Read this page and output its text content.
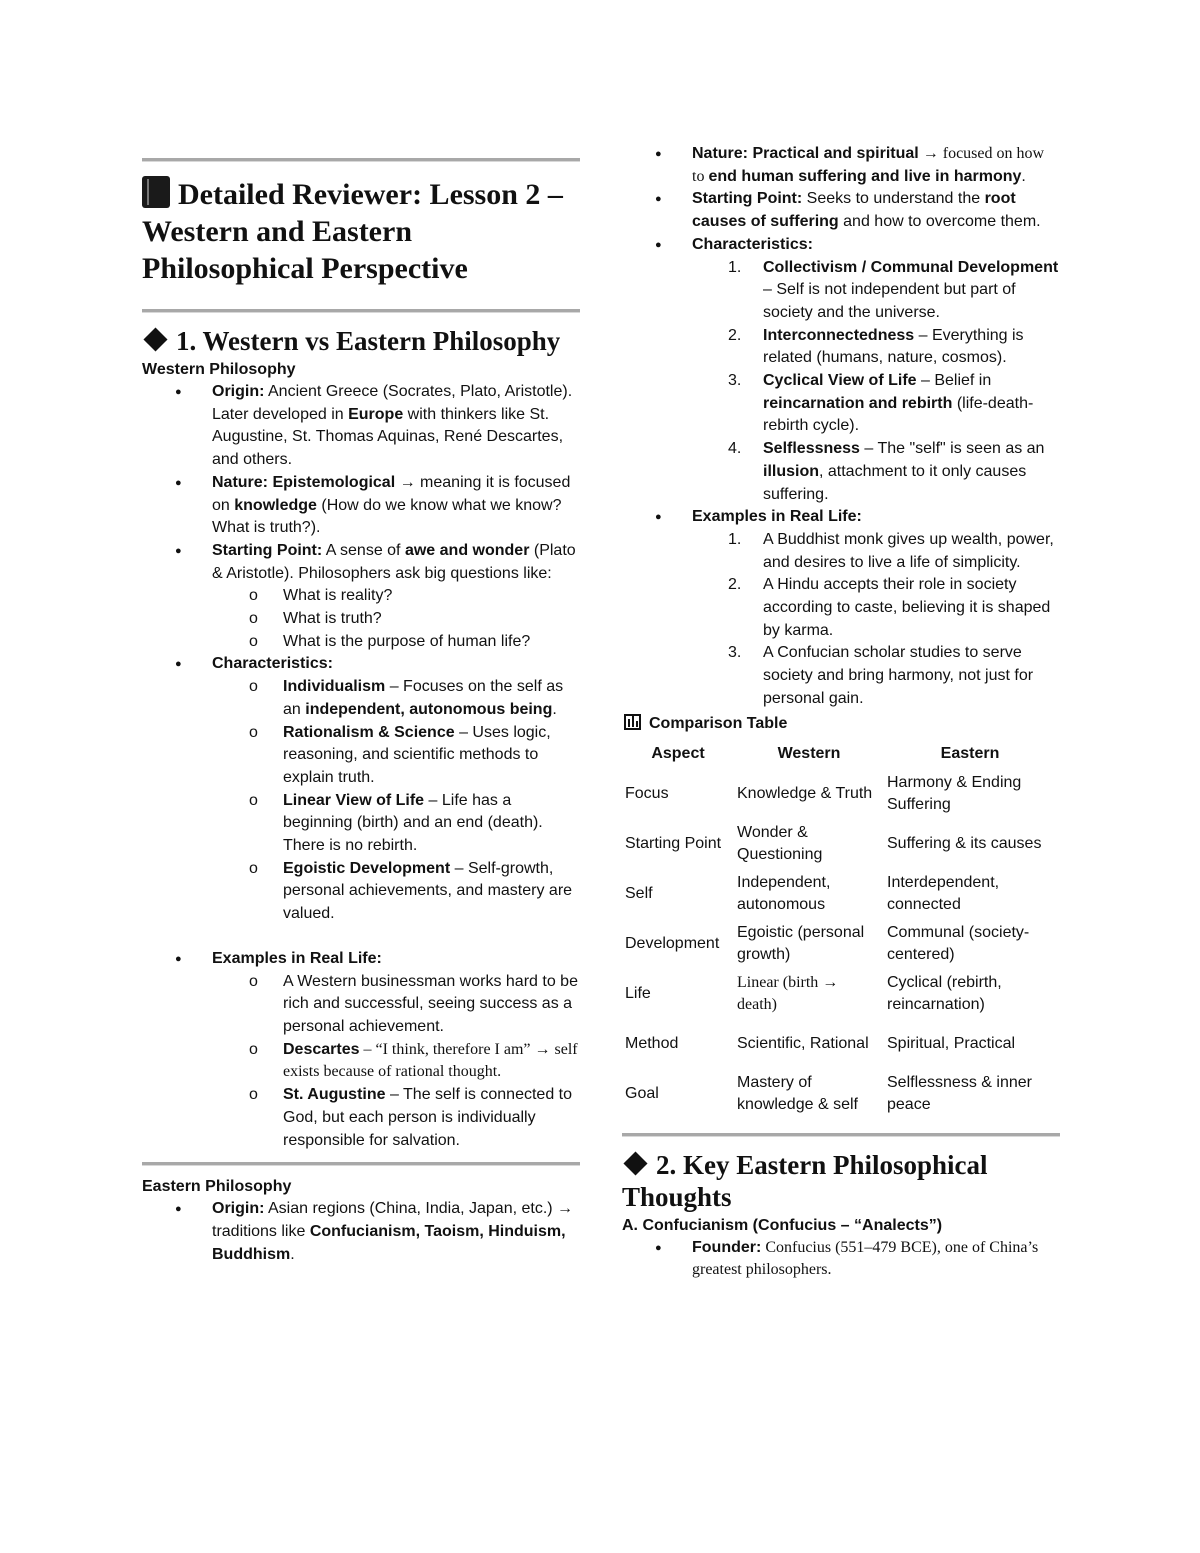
Detailed Reviewer: Lesson 2 – Western and Eastern Philosophical Perspective
1. Western vs Eastern Philosophy

Western Philosophy

● Origin: Ancient Greece (Socrates, Plato, Aristotle). Later developed in Europe with thinkers like St. Augustine, St. Thomas Aquinas, René Descartes, and others.
● Nature: Epistemological → meaning it is focused on knowledge (How do we know what we know? What is truth?).
● Starting Point: A sense of awe and wonder (Plato & Aristotle). Philosophers ask big questions like:
o What is reality?
o What is truth?
o What is the purpose of human life?
● Characteristics:
o Individualism – Focuses on the self as an independent, autonomous being.
o Rationalism & Science – Uses logic, reasoning, and scientific methods to explain truth.
o Linear View of Life – Life has a beginning (birth) and an end (death). There is no rebirth.
o Egoistic Development – Self-growth, personal achievements, and mastery are valued.
● Examples in Real Life:
o A Western businessman works hard to be rich and successful, seeing success as a personal achievement.
o Descartes – “I think, therefore I am” → self exists because of rational thought.
o St. Augustine – The self is connected to God, but each person is individually responsible for salvation.

Eastern Philosophy

● Origin: Asian regions (China, India, Japan, etc.) → traditions like Confucianism, Taoism, Hinduism, Buddhism.
● Nature: Practical and spiritual → focused on how to end human suffering and live in harmony.
● Starting Point: Seeks to understand the root causes of suffering and how to overcome them.
● Characteristics:
1. Collectivism / Communal Development – Self is not independent but part of society and the universe.
2. Interconnectedness – Everything is related (humans, nature, cosmos).
3. Cyclical View of Life – Belief in reincarnation and rebirth (life-death-rebirth cycle).
4. Selflessness – The "self" is seen as an illusion, attachment to it only causes suffering.
● Examples in Real Life:
1. A Buddhist monk gives up wealth, power, and desires to live a life of simplicity.
2. A Hindu accepts their role in society according to caste, believing it is shaped by karma.
3. A Confucian scholar studies to serve society and bring harmony, not just for personal gain.
Comparison Table
Aspect	Western	Eastern
Focus	Knowledge & Truth	Harmony & Ending Suffering
Starting Point	Wonder & Questioning	Suffering & its causes
Self	Independent, autonomous	Interdependent, connected
Development	Egoistic (personal growth)	Communal (society-centered)
Life	Linear (birth → death)	Cyclical (rebirth, reincarnation)
Method	Scientific, Rational	Spiritual, Practical
Goal	Mastery of knowledge & self	Selflessness & inner peace
2. Key Eastern Philosophical Thoughts

A. Confucianism (Confucius – “Analects”)

● Founder: Confucius (551–479 BCE), one of China’s greatest philosophers.
